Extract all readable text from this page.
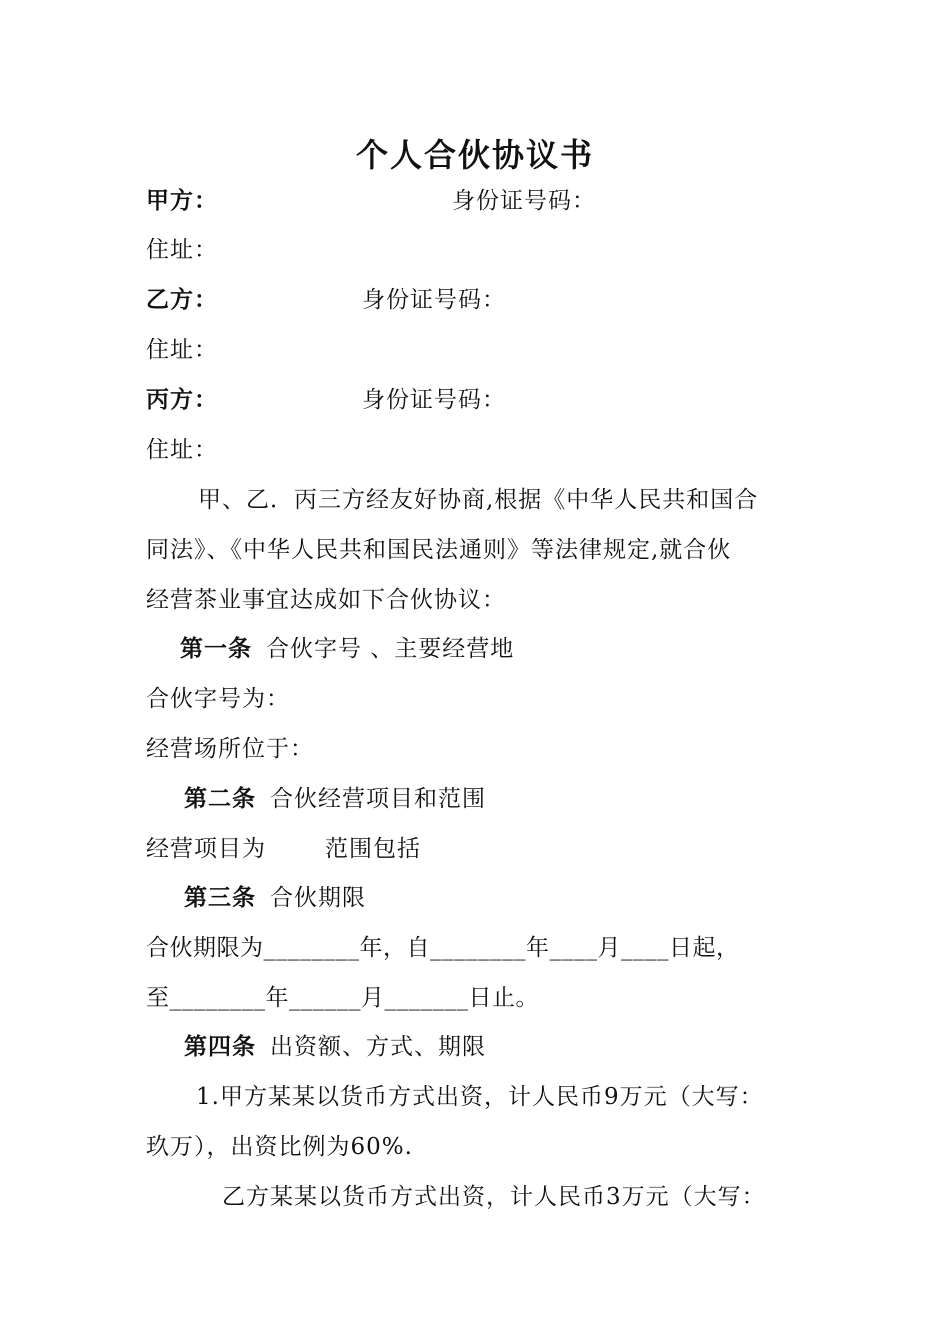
个人合伙协议书
甲方：	身份证号码：
住址：
乙方：	身份证号码：
住址：
丙方：	身份证号码：
住址：
甲、乙．丙三方经友好协商,根据《中华人民共和国合
同法》、《中华人民共和国民法通则》等法律规定,就合伙
经营茶业事宜达成如下合伙协议：
第一条 合伙字号 、主要经营地
合伙字号为：
经营场所位于：
第二条 合伙经营项目和范围
经营项目为	范围包括
第三条 合伙期限
合伙期限为________年，自________年____月____日起，
至________年______月_______日止。
第四条 出资额、方式、期限
1.甲方某某以货币方式出资，计人民币9万元（大写：
玖万），出资比例为60%.
乙方某某以货币方式出资，计人民币3万元（大写：
